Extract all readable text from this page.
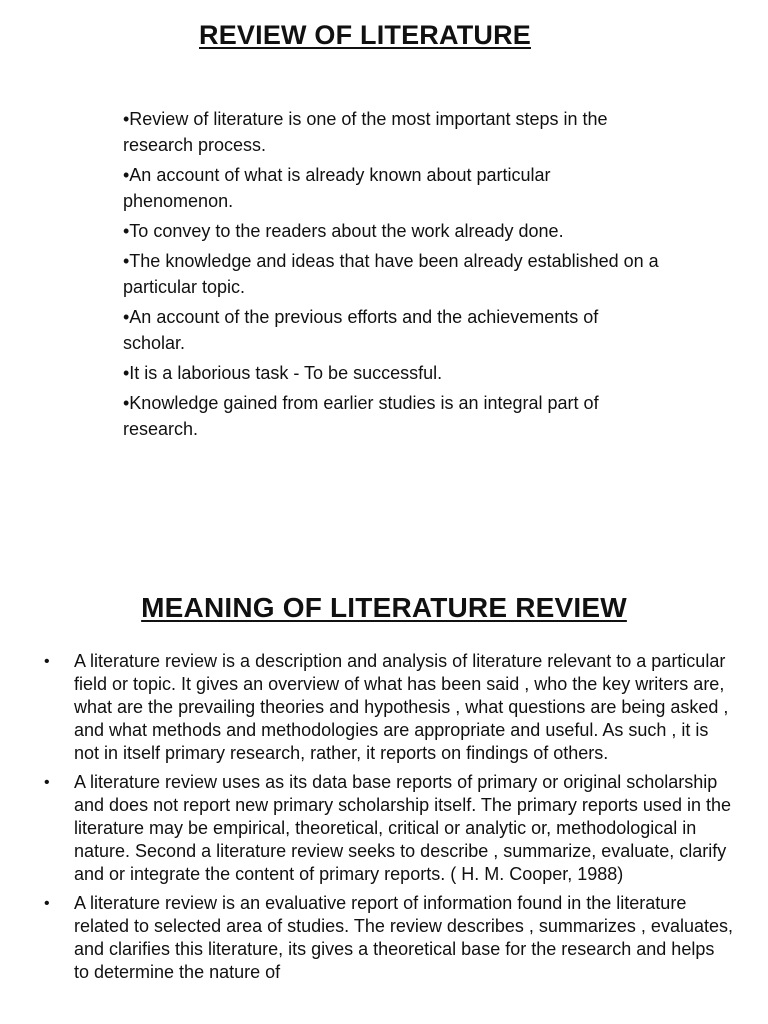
REVIEW OF LITERATURE
•Review of literature is one of the most important steps in the research process.
•An account of what is already known about particular phenomenon.
•To convey to the readers about the work already done.
•The knowledge and ideas that have been already established on a particular topic.
•An account of the previous efforts and the achievements of scholar.
•It is a laborious task - To be successful.
•Knowledge gained from earlier studies is an integral part of research.
MEANING OF LITERATURE REVIEW
• A literature review is a description and analysis of literature relevant to a particular field or topic. It gives an overview of what has been said , who the key writers are, what are the prevailing theories and hypothesis , what questions are being asked , and what methods and methodologies are appropriate and useful. As such , it is not in itself primary research, rather, it reports on findings of others.
• A literature review uses as its data base reports of primary or original scholarship and does not report new primary scholarship itself. The primary reports used in the literature may be empirical, theoretical, critical or analytic or, methodological in nature. Second a literature review seeks to describe , summarize, evaluate, clarify and or integrate the content of primary reports. ( H. M. Cooper, 1988)
• A literature review is an evaluative report of information found in the literature related to selected area of studies. The review describes , summarizes , evaluates, and clarifies this literature, its gives a theoretical base for the research and helps to determine the nature of
